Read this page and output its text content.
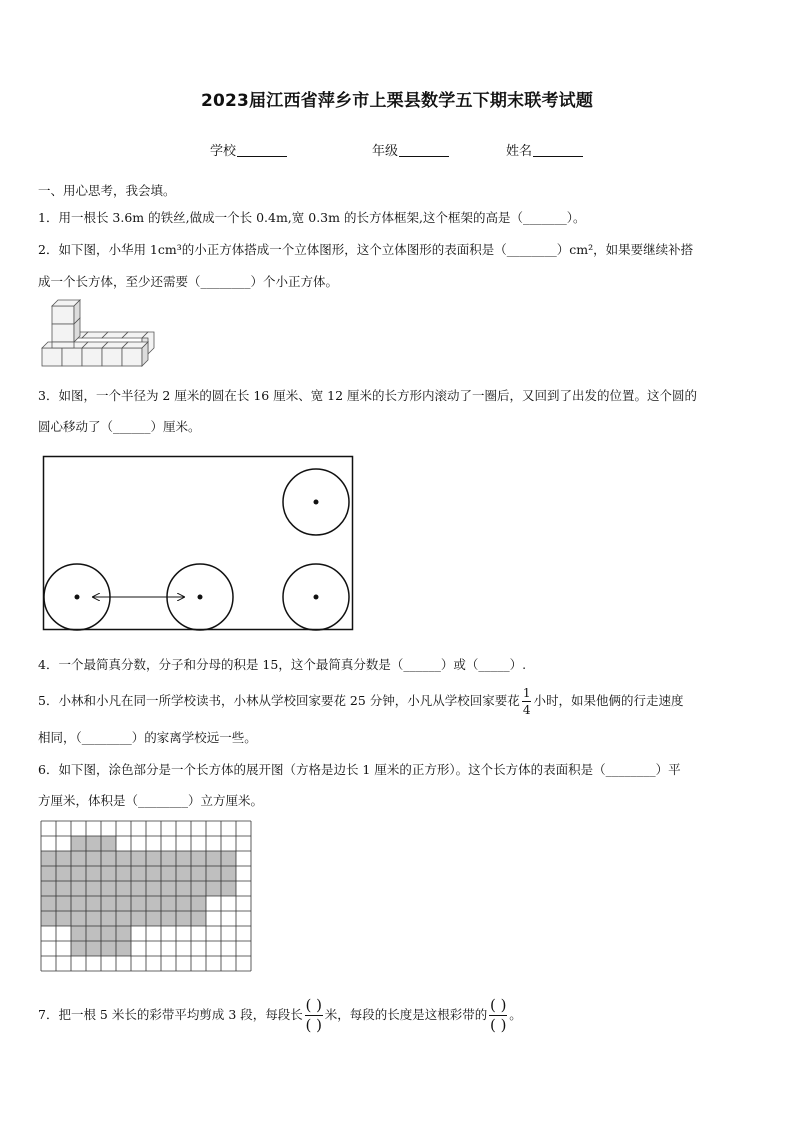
2023届江西省萍乡市上栗县数学五下期末联考试题
学校	年级	姓名
一、用心思考，我会填。
1．用一根长 3.6m 的铁丝,做成一个长 0.4m,宽 0.3m 的长方体框架,这个框架的高是（_______）。
2．如下图，小华用 1cm³的小正方体搭成一个立体图形，这个立体图形的表面积是（________）cm²，如果要继续补搭
成一个长方体，至少还需要（________）个小正方体。
3．如图，一个半径为 2 厘米的圆在长 16 厘米、宽 12 厘米的长方形内滚动了一圈后，又回到了出发的位置。这个圆的
圆心移动了（______）厘米。
4．一个最简真分数，分子和分母的积是 15，这个最简真分数是（______）或（_____）.
5．小林和小凡在同一所学校读书，小林从学校回家要花 25 分钟，小凡从学校回家要花 $\frac{1}{4}$ 小时，如果他俩的行走速度
相同，（________）的家离学校远一些。
6．如下图，涂色部分是一个长方体的展开图（方格是边长 1 厘米的正方形）。这个长方体的表面积是（________）平
方厘米，体积是（________）立方厘米。
7．把一根 5 米长的彩带平均剪成 3 段，每段长
( )
( )
米，每段的长度是这根彩带的
( )
( )
。
